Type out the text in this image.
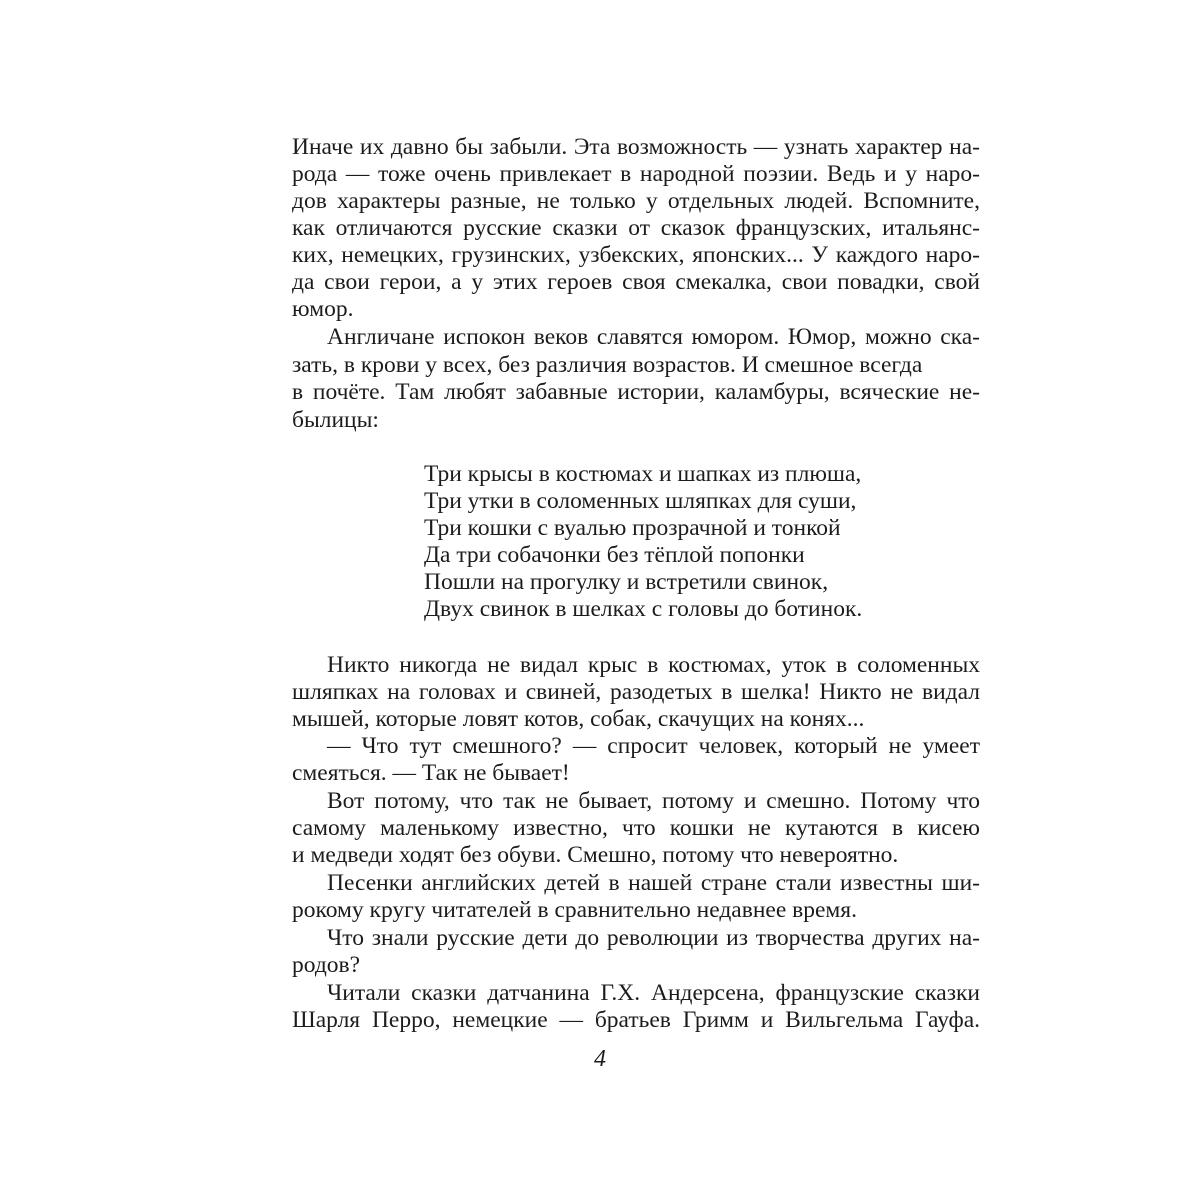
Иначе их давно бы забыли. Эта возможность — узнать характер на-
рода — тоже очень привлекает в народной поэзии. Ведь и у наро-
дов характеры разные, не только у отдельных людей. Вспомните,
как отличаются русские сказки от сказок французских, итальянс-
ких, немецких, грузинских, узбекских, японских... У каждого наро-
да свои герои, а у этих героев своя смекалка, свои повадки, свой
юмор.
Англичане испокон веков славятся юмором. Юмор, можно ска-
зать, в крови у всех, без различия возрастов. И смешное всегда
в почёте. Там любят забавные истории, каламбуры, всяческие не-
былицы:
Три крысы в костюмах и шапках из плюша,
Три утки в соломенных шляпках для суши,
Три кошки с вуалью прозрачной и тонкой
Да три собачонки без тёплой попонки
Пошли на прогулку и встретили свинок,
Двух свинок в шелках с головы до ботинок.
Никто никогда не видал крыс в костюмах, уток в соломенных
шляпках на головах и свиней, разодетых в шелка! Никто не видал
мышей, которые ловят котов, собак, скачущих на конях...
— Что тут смешного? — спросит человек, который не умеет
смеяться. — Так не бывает!
Вот потому, что так не бывает, потому и смешно. Потому что
самому маленькому известно, что кошки не кутаются в кисею
и медведи ходят без обуви. Смешно, потому что невероятно.
Песенки английских детей в нашей стране стали известны ши-
рокому кругу читателей в сравнительно недавнее время.
Что знали русские дети до революции из творчества других на-
родов?
Читали сказки датчанина Г.Х. Андерсена, французские сказки
Шарля Перро, немецкие — братьев Гримм и Вильгельма Гауфа.
4
